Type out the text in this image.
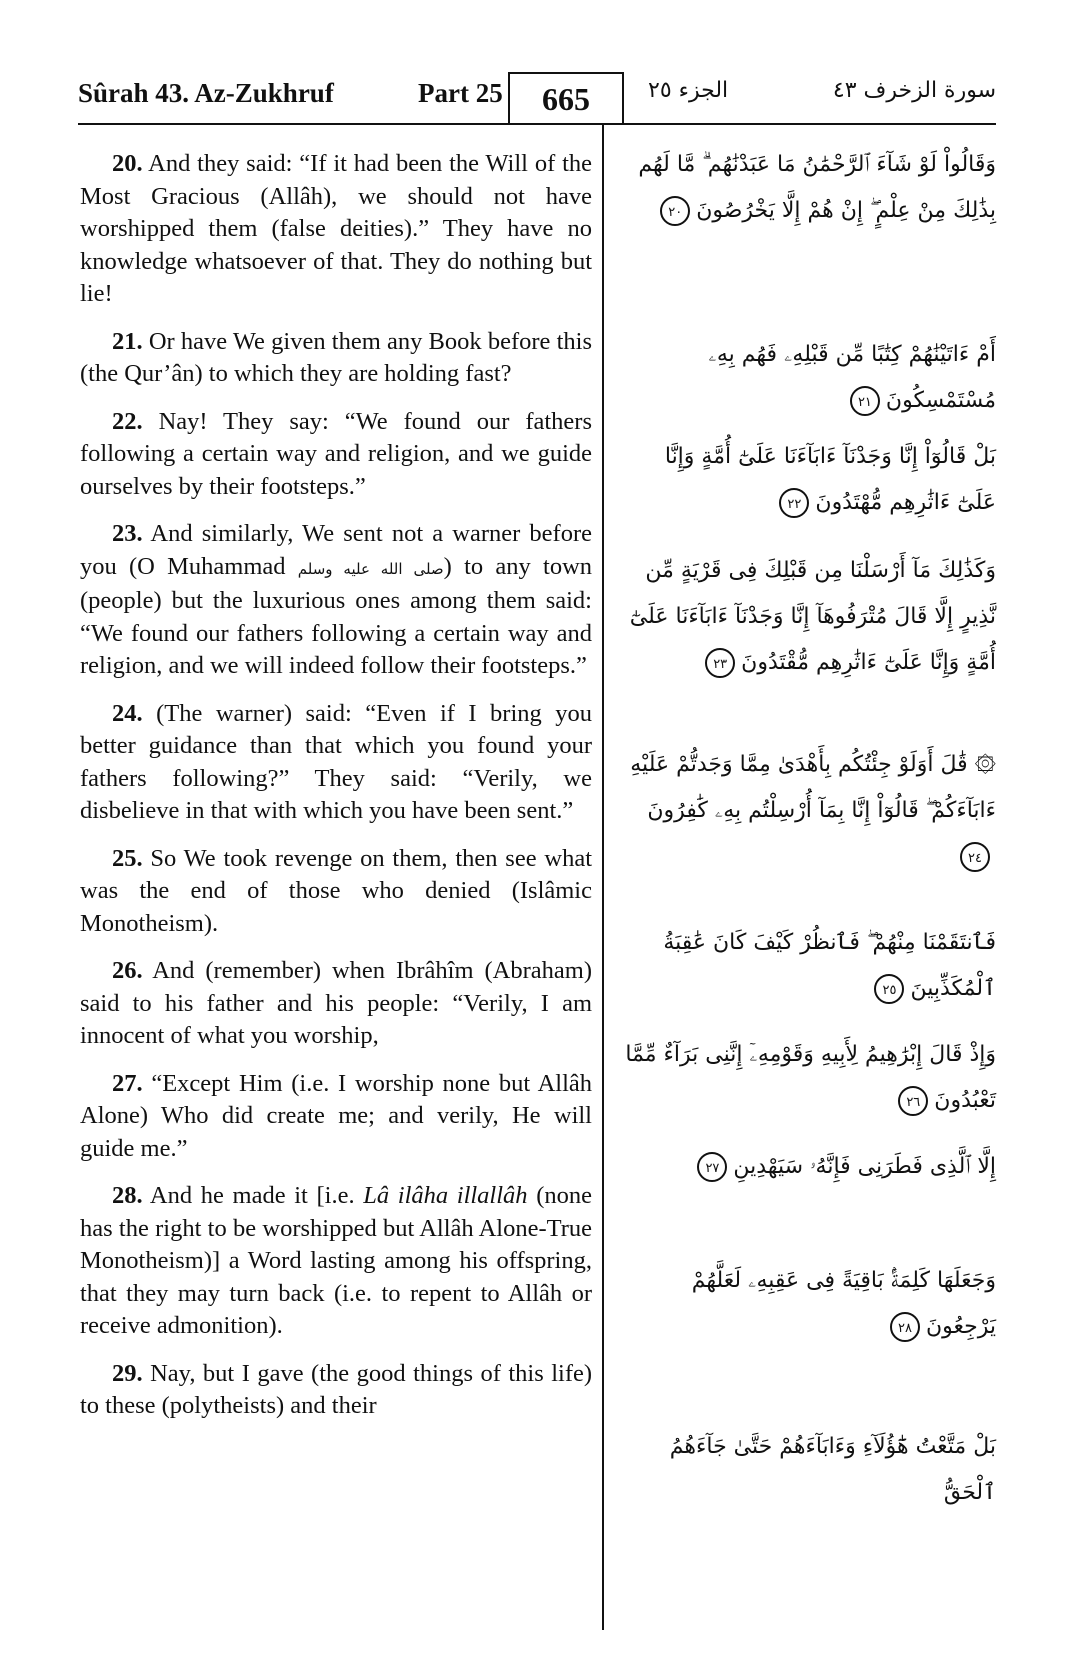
Sûrah 43. Az-Zukhruf	Part 25	665	الجزء ٢٥	سورة الزخرف ٤٣
20. And they said: “If it had been the Will of the Most Gracious (Allâh), we should not have worshipped them (false deities).” They have no knowledge whatsoever of that. They do nothing but lie!
21. Or have We given them any Book before this (the Qur’ân) to which they are holding fast?
22. Nay! They say: “We found our fathers following a certain way and religion, and we guide ourselves by their footsteps.”
23. And similarly, We sent not a warner before you (O Muhammad صلى الله عليه وسلم) to any town (people) but the luxurious ones among them said: “We found our fathers following a certain way and religion, and we will indeed follow their footsteps.”
24. (The warner) said: “Even if I bring you better guidance than that which you found your fathers following?” They said: “Verily, we disbelieve in that with which you have been sent.”
25. So We took revenge on them, then see what was the end of those who denied (Islâmic Monotheism).
26. And (remember) when Ibrâhîm (Abraham) said to his father and his people: “Verily, I am innocent of what you worship,
27. “Except Him (i.e. I worship none but Allâh Alone) Who did create me; and verily, He will guide me.”
28. And he made it [i.e. Lâ ilâha illallâh (none has the right to be worshipped but Allâh Alone-True Monotheism)] a Word lasting among his offspring, that they may turn back (i.e. to repent to Allâh or receive admonition).
29. Nay, but I gave (the good things of this life) to these (polytheists) and their
وَقَالُواْ لَوْ شَآءَ ٱلرَّحْمَٰنُ مَا عَبَدْنَٰهُم ۗ مَّا لَهُم بِذَٰلِكَ مِنْ عِلْمٍ ۖ إِنْ هُمْ إِلَّا يَخْرُصُونَ٢٠
أَمْ ءَاتَيْنَٰهُمْ كِتَٰبًا مِّن قَبْلِهِۦ فَهُم بِهِۦ مُسْتَمْسِكُونَ٢١
بَلْ قَالُوٓاْ إِنَّا وَجَدْنَآ ءَابَآءَنَا عَلَىٰٓ أُمَّةٍ وَإِنَّا عَلَىٰٓ ءَاثَٰرِهِم مُّهْتَدُونَ٢٢
وَكَذَٰلِكَ مَآ أَرْسَلْنَا مِن قَبْلِكَ فِى قَرْيَةٍ مِّن نَّذِيرٍ إِلَّا قَالَ مُتْرَفُوهَآ إِنَّا وَجَدْنَآ ءَابَآءَنَا عَلَىٰٓ أُمَّةٍ وَإِنَّا عَلَىٰٓ ءَاثَٰرِهِم مُّقْتَدُونَ٢٣
۞ قَٰلَ أَوَلَوْ جِئْتُكُم بِأَهْدَىٰ مِمَّا وَجَدتُّمْ عَلَيْهِ ءَابَآءَكُمْ ۖ قَالُوٓاْ إِنَّا بِمَآ أُرْسِلْتُم بِهِۦ كَٰفِرُونَ٢٤
فَٱنتَقَمْنَا مِنْهُمْ ۖ فَٱنظُرْ كَيْفَ كَانَ عَٰقِبَةُ ٱلْمُكَذِّبِينَ٢٥
وَإِذْ قَالَ إِبْرَٰهِيمُ لِأَبِيهِ وَقَوْمِهِۦٓ إِنَّنِى بَرَآءٌ مِّمَّا تَعْبُدُونَ٢٦
إِلَّا ٱلَّذِى فَطَرَنِى فَإِنَّهُۥ سَيَهْدِينِ٢٧
وَجَعَلَهَا كَلِمَةًۢ بَاقِيَةً فِى عَقِبِهِۦ لَعَلَّهُمْ يَرْجِعُونَ٢٨
بَلْ مَتَّعْتُ هَٰٓؤُلَآءِ وَءَابَآءَهُمْ حَتَّىٰ جَآءَهُمُ ٱلْحَقُّ
